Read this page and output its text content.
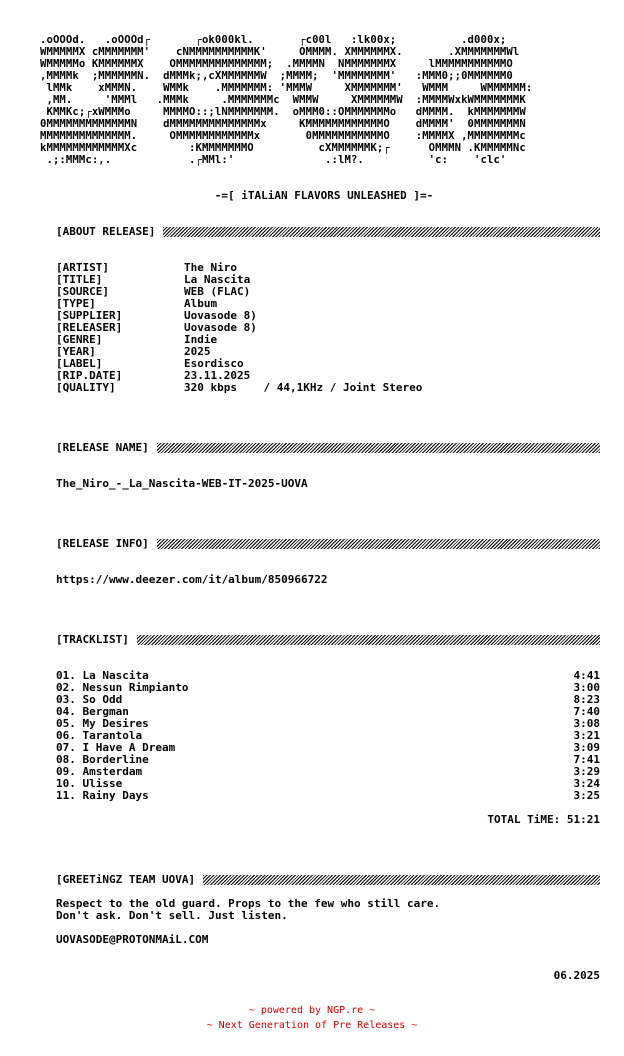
.oOOOd.   .oOOOd┌       ┌ok000kl.       ┌c00l   :lk00x;          .d000x;
WMMMMMX cMMMMMMM'    cNMMMMMMMMMMK'     OMMMM. XMMMMMMX.       .XMMMMMMMWl
WMMMMMo KMMMMMMX    OMMMMMMMMMMMMMM;  .MMMMN  NMMMMMMMX     lMMMMMMMMMMMO
,MMMMk  ;MMMMMMN.  dMMMk;,cXMMMMMMW  ;MMMM;  'MMMMMMMM'   :MMM0;;0MMMMMM0
lMMk    xMMMN.    WMMk    .MMMMMMM: 'MMMW     XMMMMMMM'   WMMM     WMMMMMM:
,MM.     'MMMl   .MMMk     .MMMMMMMc  WMMW     XMMMMMMW  :MMMMWxkWMMMMMMMK
KMMKc;┌xWMMMo     MMMMO::;lNMMMMMMM.  oMMM0::OMMMMMMMo   dMMMM.  kMMMMMMMW
0MMMMMMMMMMMMMN    dMMMMMMMMMMMMMMx     KMMMMMMMMMMMMO    dMMMM'  0MMMMMMMN
MMMMMMMMMMMMMM.     OMMMMMMMMMMMMx       0MMMMMMMMMMMO    :MMMMX ,MMMMMMMMc
kMMMMMMMMMMMMXc        :KMMMMMMMO          cXMMMMMMK;┌      OMMMN .KMMMMMNc
.;:MMMc:,.            .┌MMl:'              .:lM?.          'c:    'clc'
-=[ iTALiAN FLAVORS UNLEASHED ]=-
[ABOUT RELEASE]
[ARTIST]	The Niro
[TITLE]	La Nascita
[SOURCE]	WEB (FLAC)
[TYPE]	Album
[SUPPLIER]	Uovasode 8)
[RELEASER]	Uovasode 8)
[GENRE]	Indie
[YEAR]	2025
[LABEL]	Esordisco
[RIP.DATE]	23.11.2025
[QUALITY]	320 kbps    / 44,1KHz / Joint Stereo
[RELEASE NAME]
The_Niro_-_La_Nascita-WEB-IT-2025-UOVA
[RELEASE INFO]
https://www.deezer.com/it/album/850966722
[TRACKLIST]
01. La Nascita	4:41
02. Nessun Rimpianto	3:00
03. So Odd	8:23
04. Bergman	7:40
05. My Desires	3:08
06. Tarantola	3:21
07. I Have A Dream	3:09
08. Borderline	7:41
09. Amsterdam	3:29
10. Ulisse	3:24
11. Rainy Days	3:25
TOTAL TiME: 51:21
[GREETiNGZ TEAM UOVA]
Respect to the old guard. Props to the few who still care.
Don't ask. Don't sell. Just listen.
UOVASODE@PROTONMAiL.COM
06.2025
~ powered by NGP.re ~
~ Next Generation of Pre Releases ~
